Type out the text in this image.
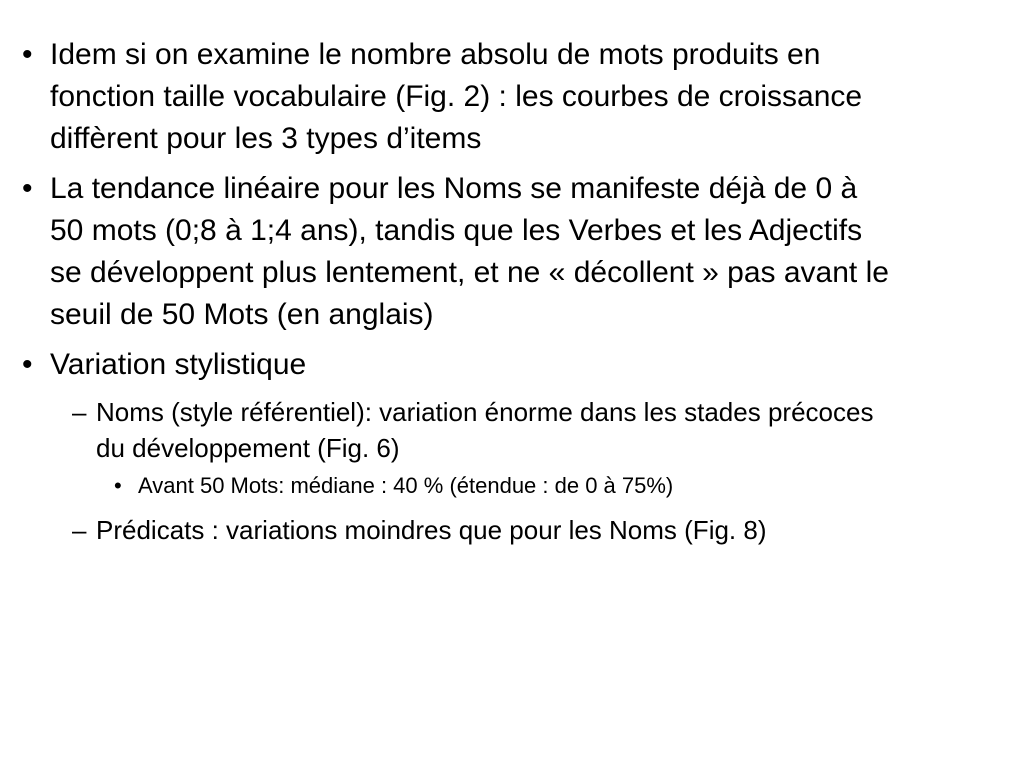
• Idem si on examine le nombre absolu de mots produits en fonction taille vocabulaire (Fig. 2) : les courbes de croissance diffèrent pour les 3 types d’items
• La tendance linéaire pour les Noms se manifeste déjà de 0 à 50 mots (0;8 à 1;4 ans), tandis que les Verbes et les Adjectifs se développent plus lentement, et ne « décollent » pas avant le seuil de 50 Mots (en anglais)
• Variation stylistique
– Noms (style référentiel): variation énorme dans les stades précoces du développement (Fig. 6)
• Avant 50 Mots: médiane : 40 % (étendue : de 0 à 75%)
– Prédicats : variations moindres que pour les Noms (Fig. 8)
